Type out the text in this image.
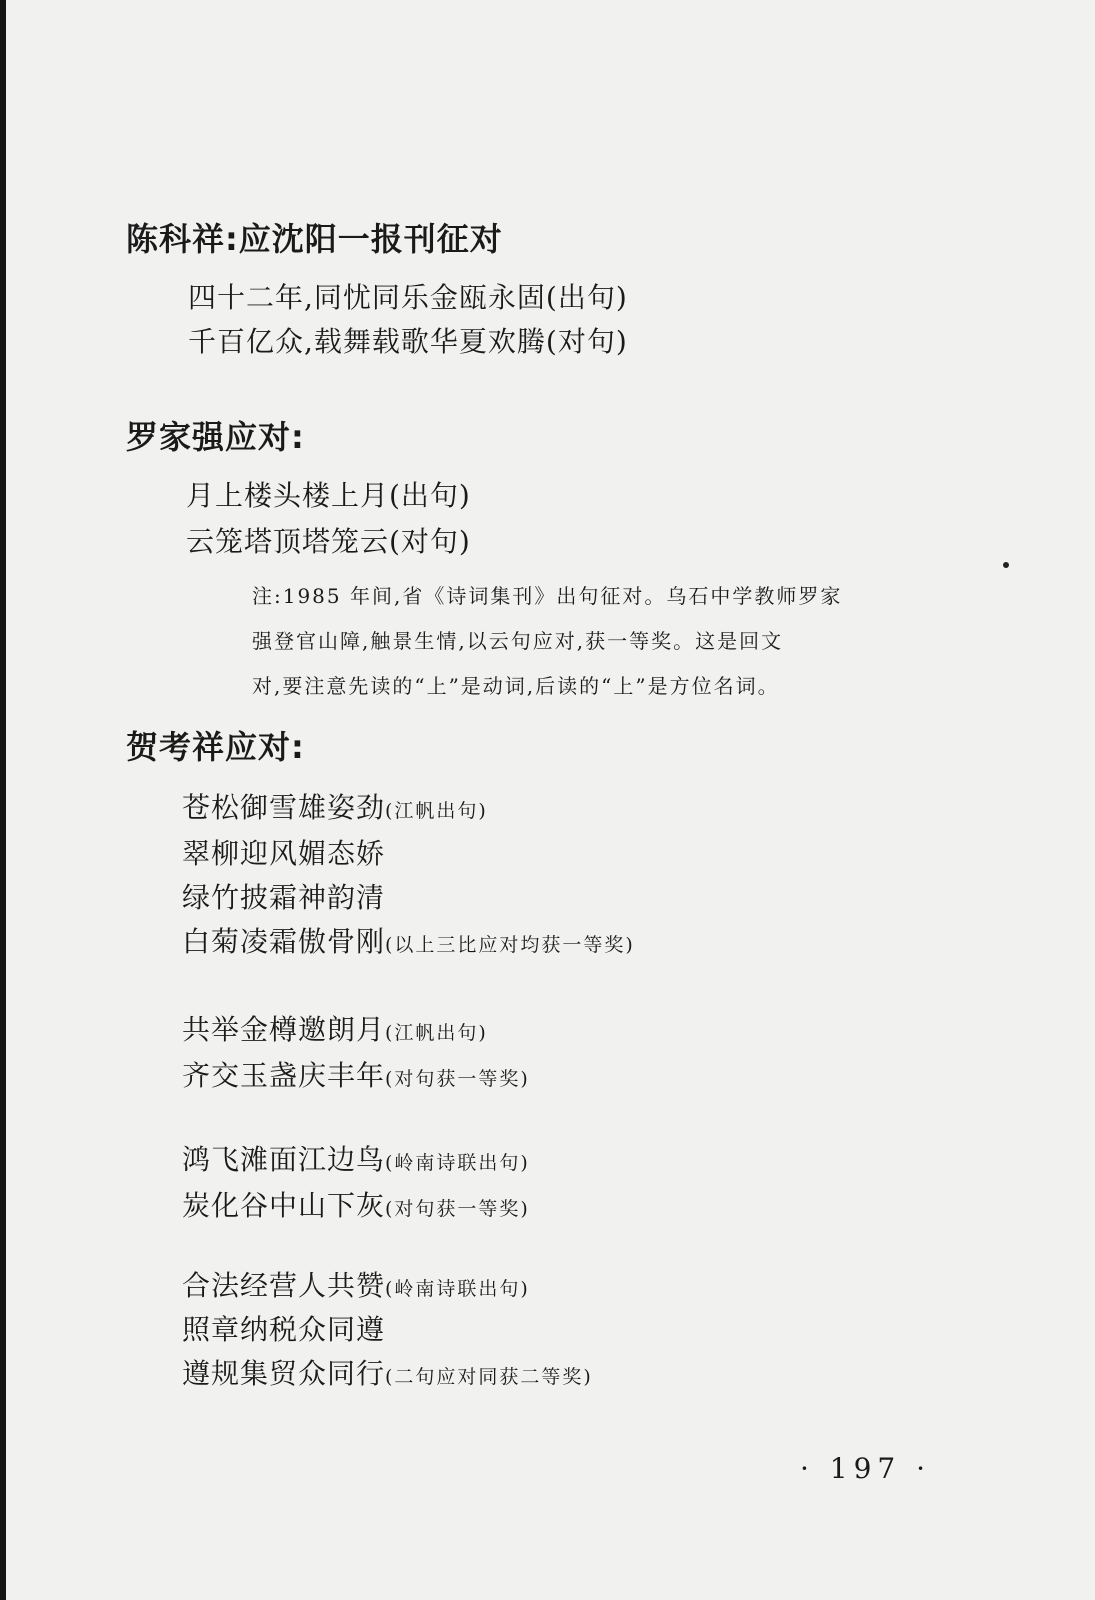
陈科祥:应沈阳一报刊征对
四十二年,同忧同乐金瓯永固(出句)
千百亿众,载舞载歌华夏欢腾(对句)
罗家强应对:
月上楼头楼上月(出句)
云笼塔顶塔笼云(对句)

注:1985 年间,省《诗词集刊》出句征对。乌石中学教师罗家

强登官山障,触景生情,以云句应对,获一等奖。这是回文

对,要注意先读的“上”是动词,后读的“上”是方位名词。

贺考祥应对:
苍松御雪雄姿劲(江帆出句)
翠柳迎风媚态娇
绿竹披霜神韵清
白菊凌霜傲骨刚(以上三比应对均获一等奖)
共举金樽邀朗月(江帆出句)
齐交玉盏庆丰年(对句获一等奖)
鸿飞滩面江边鸟(岭南诗联出句)
炭化谷中山下灰(对句获一等奖)
合法经营人共赞(岭南诗联出句)
照章纳税众同遵
遵规集贸众同行(二句应对同获二等奖)
· 197 ·
